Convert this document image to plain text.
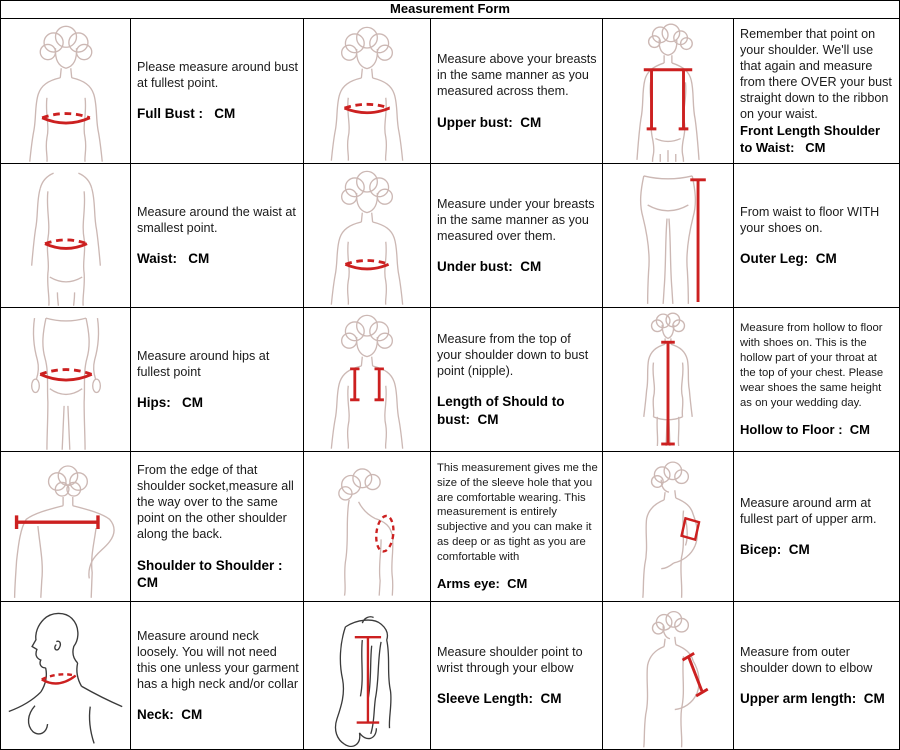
Measurement Form
Please measure around bust at fullest point.
Full Bust :   CM
Measure above your breasts in the same manner as you measured across them.
Upper bust:  CM
Remember that point on your shoulder. We'll use that again and measure from there OVER your bust straight down to the ribbon on your waist.
Front Length Shoulder to Waist:   CM
Measure around the waist at smallest point.
Waist:   CM
Measure under your breasts in the same manner as you measured over them.
Under bust:  CM
From waist to floor WITH your shoes on.
Outer Leg:  CM
Measure around hips at fullest point
Hips:   CM
Measure from the top of your shoulder down to bust point (nipple).
Length of Should to bust:  CM
Measure from hollow to floor with shoes on. This is the hollow part of your throat at the top of your chest. Please wear shoes the same height as on your wedding day.
Hollow to Floor :  CM
From the edge of that shoulder socket,measure all the way over to the same point on the other shoulder along the back.
Shoulder to Shoulder :  CM
This measurement gives me the size of the sleeve hole that you are comfortable wearing. This measurement is entirely subjective and you can make it as deep or as tight as you are comfortable with
Arms eye:  CM
Measure around arm at fullest part of upper arm.
Bicep:  CM
Measure around neck loosely. You will not need this one unless your garment has a high neck and/or collar
Neck:  CM
Measure shoulder point to wrist through your elbow
Sleeve Length:  CM
Measure from outer shoulder down to elbow
Upper arm length:  CM
